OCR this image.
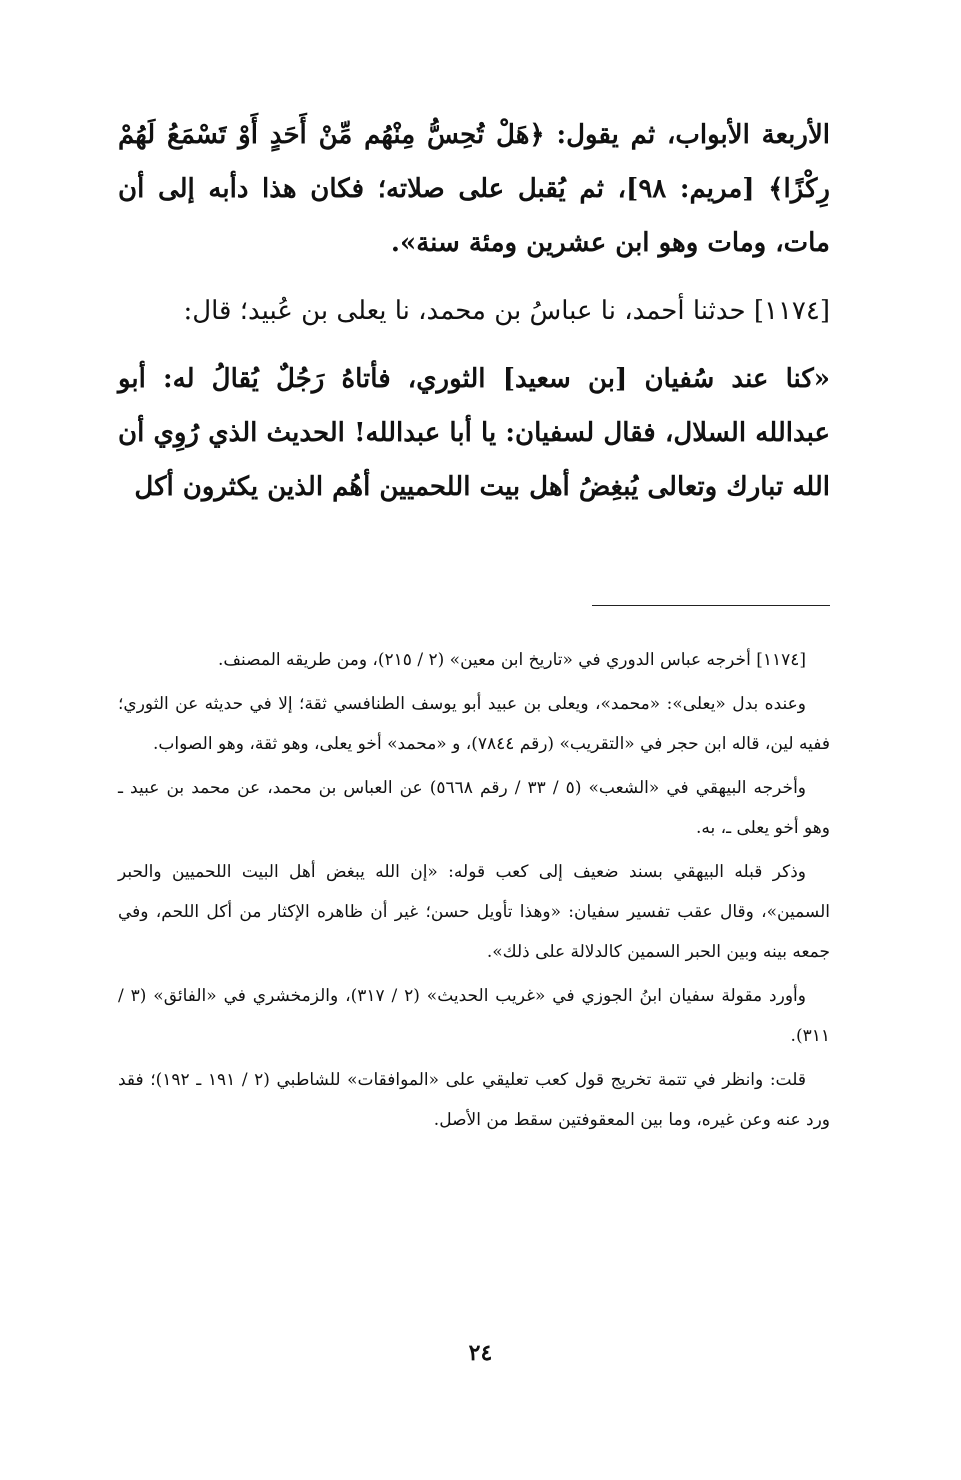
الأربعة الأبواب، ثم يقول: ﴿هَلْ تُحِسُّ مِنْهُم مِّنْ أَحَدٍ أَوْ تَسْمَعُ لَهُمْ رِكْزًا﴾ [مريم: ٩٨]، ثم يُقبل على صلاته؛ فكان هذا دأبه إلى أن مات، ومات وهو ابن عشرين ومئة سنة».

[١١٧٤] حدثنا أحمد، نا عباسُ بن محمد، نا يعلى بن عُبيد؛ قال:

«كنا عند سُفيان [بن سعيد] الثوري، فأتاهُ رَجُلٌ يُقالُ له: أبو عبدالله السلال، فقال لسفيان: يا أبا عبدالله! الحديث الذي رُوِي أن الله تبارك وتعالى يُبغِضُ أهل بيت اللحميين أهُم الذين يكثرون أكل

[١١٧٤] أخرجه عباس الدوري في «تاريخ ابن معين» (٢ / ٢١٥)، ومن طريقه المصنف.

وعنده بدل «يعلى»: «محمد»، ويعلى بن عبيد أبو يوسف الطنافسي ثقة؛ إلا في حديثه عن الثوري؛ ففيه لين، قاله ابن حجر في «التقريب» (رقم ٧٨٤٤)، و «محمد» أخو يعلى، وهو ثقة، وهو الصواب.

وأخرجه البيهقي في «الشعب» (٥ / ٣٣ / رقم ٥٦٦٨) عن العباس بن محمد، عن محمد بن عبيد ـ وهو أخو يعلى ـ، به.

وذكر قبله البيهقي بسند ضعيف إلى كعب قوله: «إن الله يبغض أهل البيت اللحميين والحبر السمين»، وقال عقب تفسير سفيان: «وهذا تأويل حسن؛ غير أن ظاهره الإكثار من أكل اللحم، وفي جمعه بينه وبين الحبر السمين كالدلالة على ذلك».

وأورد مقولة سفيان ابنُ الجوزي في «غريب الحديث» (٢ / ٣١٧)، والزمخشري في «الفائق» (٣ / ٣١١).

قلت: وانظر في تتمة تخريج قول كعب تعليقي على «الموافقات» للشاطبي (٢ / ١٩١ ـ ١٩٢)؛ فقد ورد عنه وعن غيره، وما بين المعقوفتين سقط من الأصل.

٢٤
